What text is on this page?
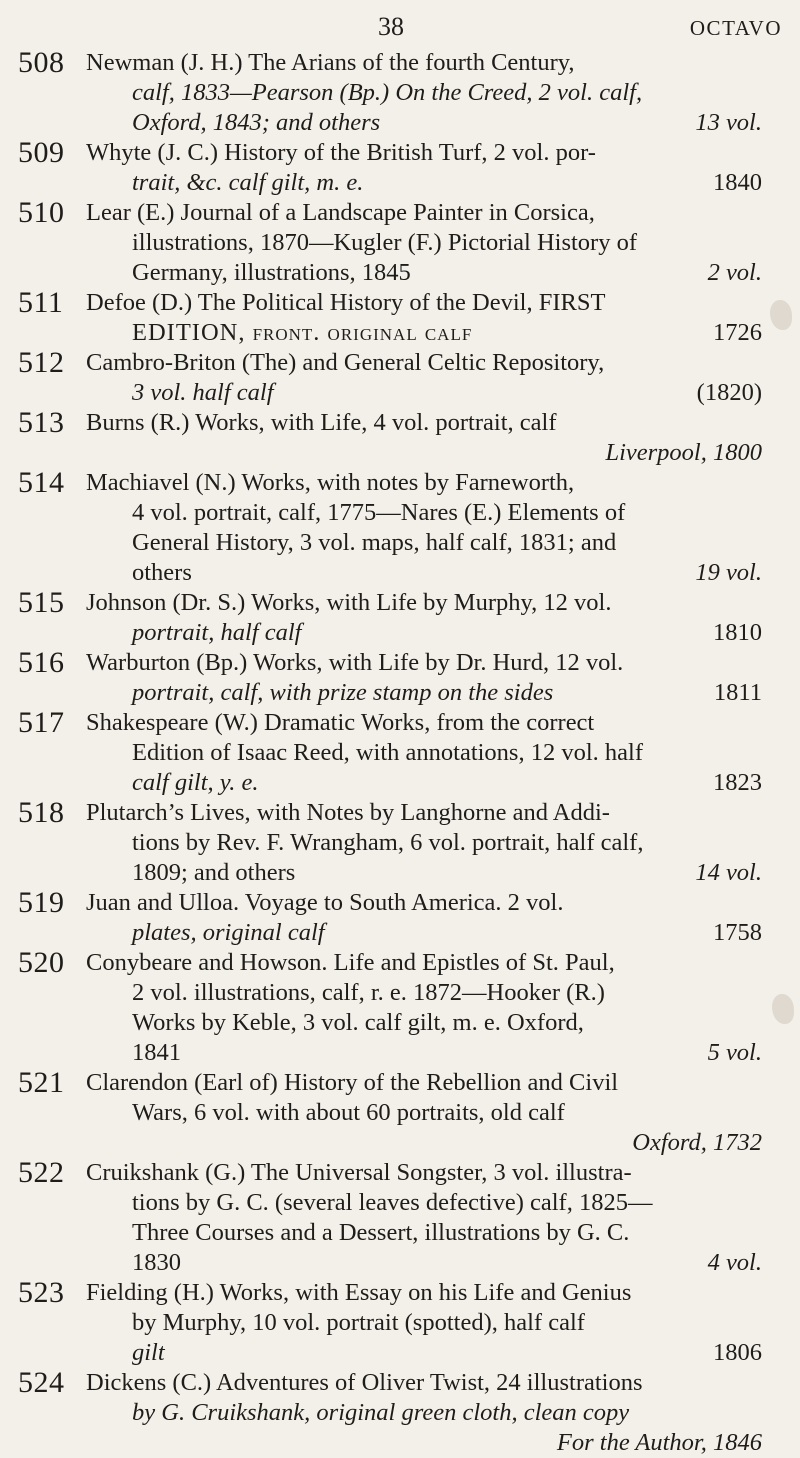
38	OCTAVO
508 Newman (J. H.) The Arians of the fourth Century,
calf, 1833—Pearson (Bp.) On the Creed, 2 vol. calf,
Oxford, 1843; and others	13 vol.
509 Whyte (J. C.) History of the British Turf, 2 vol. por-
trait, &c. calf gilt, m. e.	1840
510 Lear (E.) Journal of a Landscape Painter in Corsica,
illustrations, 1870—Kugler (F.) Pictorial History of
Germany, illustrations, 1845	2 vol.
511 Defoe (D.) The Political History of the Devil, FIRST
EDITION, front. original calf	1726
512 Cambro-Briton (The) and General Celtic Repository,
3 vol. half calf	(1820)
513 Burns (R.) Works, with Life, 4 vol. portrait, calf
Liverpool, 1800
514 Machiavel (N.) Works, with notes by Farneworth,
4 vol. portrait, calf, 1775—Nares (E.) Elements of
General History, 3 vol. maps, half calf, 1831; and
others	19 vol.
515 Johnson (Dr. S.) Works, with Life by Murphy, 12 vol.
portrait, half calf	1810
516 Warburton (Bp.) Works, with Life by Dr. Hurd, 12 vol.
portrait, calf, with prize stamp on the sides	1811
517 Shakespeare (W.) Dramatic Works, from the correct
Edition of Isaac Reed, with annotations, 12 vol. half
calf gilt, y. e.	1823
518 Plutarch’s Lives, with Notes by Langhorne and Addi-
tions by Rev. F. Wrangham, 6 vol. portrait, half calf,
1809; and others	14 vol.
519 Juan and Ulloa. Voyage to South America. 2 vol.
plates, original calf	1758
520 Conybeare and Howson. Life and Epistles of St. Paul,
2 vol. illustrations, calf, r. e. 1872—Hooker (R.)
Works by Keble, 3 vol. calf gilt, m. e. Oxford,
1841	5 vol.
521 Clarendon (Earl of) History of the Rebellion and Civil
Wars, 6 vol. with about 60 portraits, old calf
Oxford, 1732
522 Cruikshank (G.) The Universal Songster, 3 vol. illustra-
tions by G. C. (several leaves defective) calf, 1825—
Three Courses and a Dessert, illustrations by G. C.
1830	4 vol.
523 Fielding (H.) Works, with Essay on his Life and Genius
by Murphy, 10 vol. portrait (spotted), half calf
gilt	1806
524 Dickens (C.) Adventures of Oliver Twist, 24 illustrations
by G. Cruikshank, original green cloth, clean copy
For the Author, 1846
